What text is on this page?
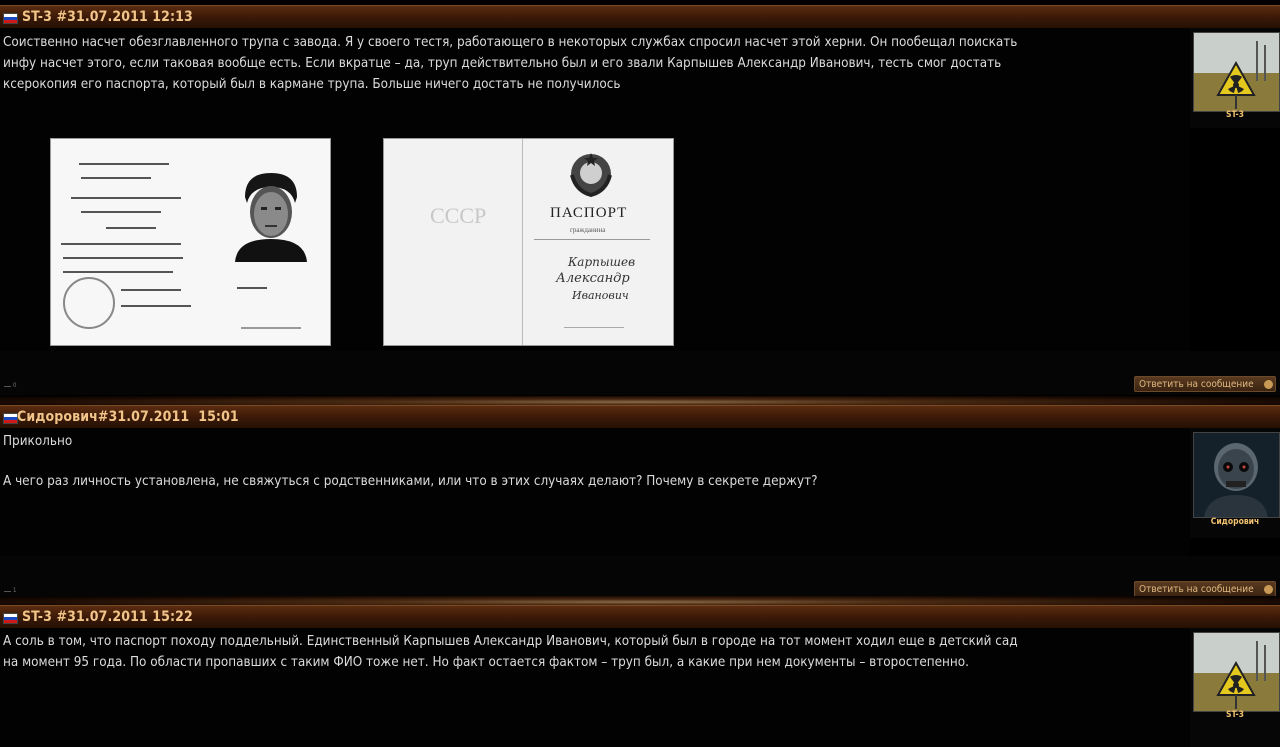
ST-3 #31.07.2011 12:13

Соиственно насчет обезглавленного трупа с завода. Я у своего тестя, работающего в некоторых службах спросил насчет этой херни. Он пообещал поискать
инфу насчет этого, если таковая вообще есть. Если вкратце – да, труп действительно был и его звали Карпышев Александр Иванович, тесть смог достать
ксерокопия его паспорта, который был в кармане трупа. Больше ничего достать не получилось

СССР	ПАСПОРТ
гражданина
Карпышев
Александр
Иванович
ST-3
0	Ответить на сообщение
Сидорович#31.07.2011  15:01

Прикольно

А чего раз личность установлена, не свяжуться с родственниками, или что в этих случаях делают? Почему в секрете держут?

Сидорович
1	Ответить на сообщение
ST-3 #31.07.2011 15:22

А соль в том, что паспорт походу поддельный. Единственный Карпышев Александр Иванович, который был в городе на тот момент ходил еще в детский сад
на момент 95 года. По области пропавших с таким ФИО тоже нет. Но факт остается фактом – труп был, а какие при нем документы – второстепенно.

ST-3
